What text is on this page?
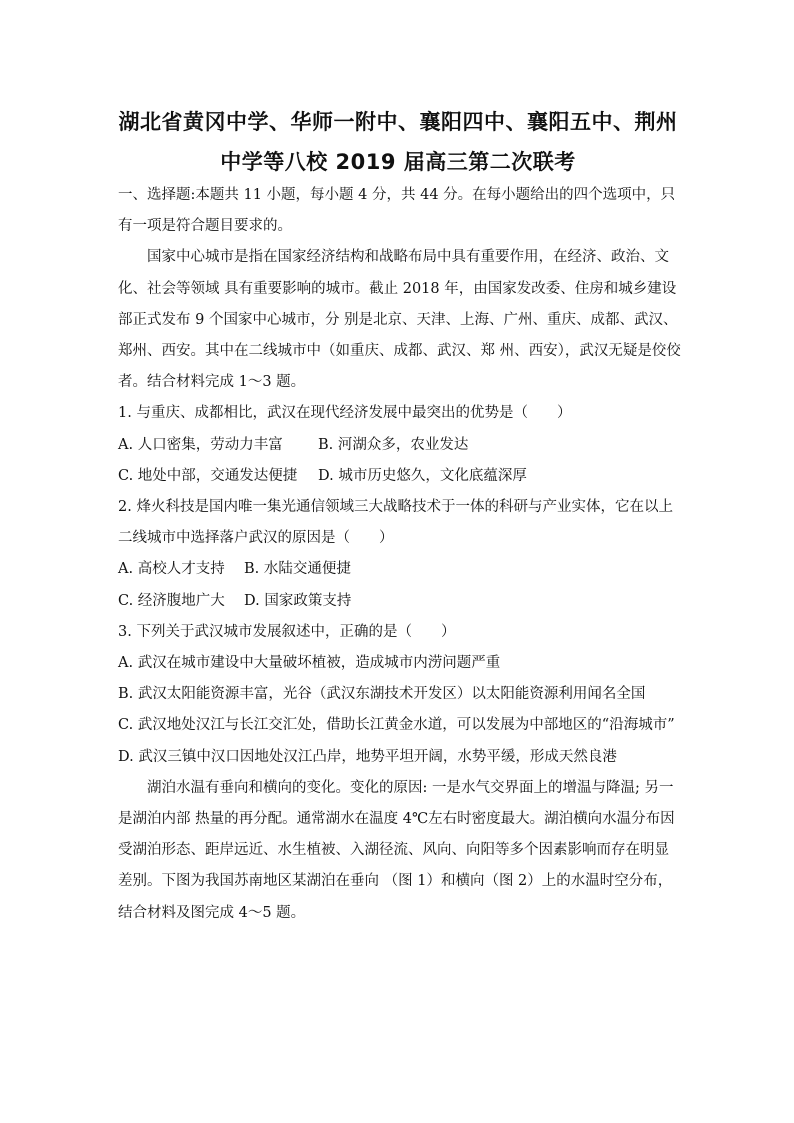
湖北省黄冈中学、华师一附中、襄阳四中、襄阳五中、荆州
中学等八校 2019 届高三第二次联考

一、选择题:本题共 11 小题，每小题 4 分，共 44 分。在每小题给出的四个选项中，只有一项是符合题目要求的。

国家中心城市是指在国家经济结构和战略布局中具有重要作用，在经济、政治、文化、社会等领域 具有重要影响的城市。截止 2018 年，由国家发改委、住房和城乡建设部正式发布 9 个国家中心城市，分 别是北京、天津、上海、广州、重庆、成都、武汉、郑州、西安。其中在二线城市中（如重庆、成都、武汉、郑 州、西安），武汉无疑是佼佼者。结合材料完成 1～3 题。

1. 与重庆、成都相比，武汉在现代经济发展中最突出的优势是（　　）

A. 人口密集，劳动力丰富	B. 河湖众多，农业发达
C. 地处中部，交通发达便捷	D. 城市历史悠久，文化底蕴深厚

2. 烽火科技是国内唯一集光通信领域三大战略技术于一体的科研与产业实体，它在以上二线城市中选择落户武汉的原因是（　　）

A. 高校人才支持	B. 水陆交通便捷
C. 经济腹地广大	D. 国家政策支持

3. 下列关于武汉城市发展叙述中，正确的是（　　）

A. 武汉在城市建设中大量破坏植被，造成城市内涝问题严重

B. 武汉太阳能资源丰富，光谷（武汉东湖技术开发区）以太阳能资源利用闻名全国

C. 武汉地处汉江与长江交汇处，借助长江黄金水道，可以发展为中部地区的“沿海城市”

D. 武汉三镇中汉口因地处汉江凸岸，地势平坦开阔，水势平缓，形成天然良港

湖泊水温有垂向和横向的变化。变化的原因: 一是水气交界面上的增温与降温; 另一是湖泊内部 热量的再分配。通常湖水在温度 4℃左右时密度最大。湖泊横向水温分布因受湖泊形态、距岸远近、水生植被、入湖径流、风向、向阳等多个因素影响而存在明显差别。下图为我国苏南地区某湖泊在垂向 （图 1）和横向（图 2）上的水温时空分布，结合材料及图完成 4～5 题。
